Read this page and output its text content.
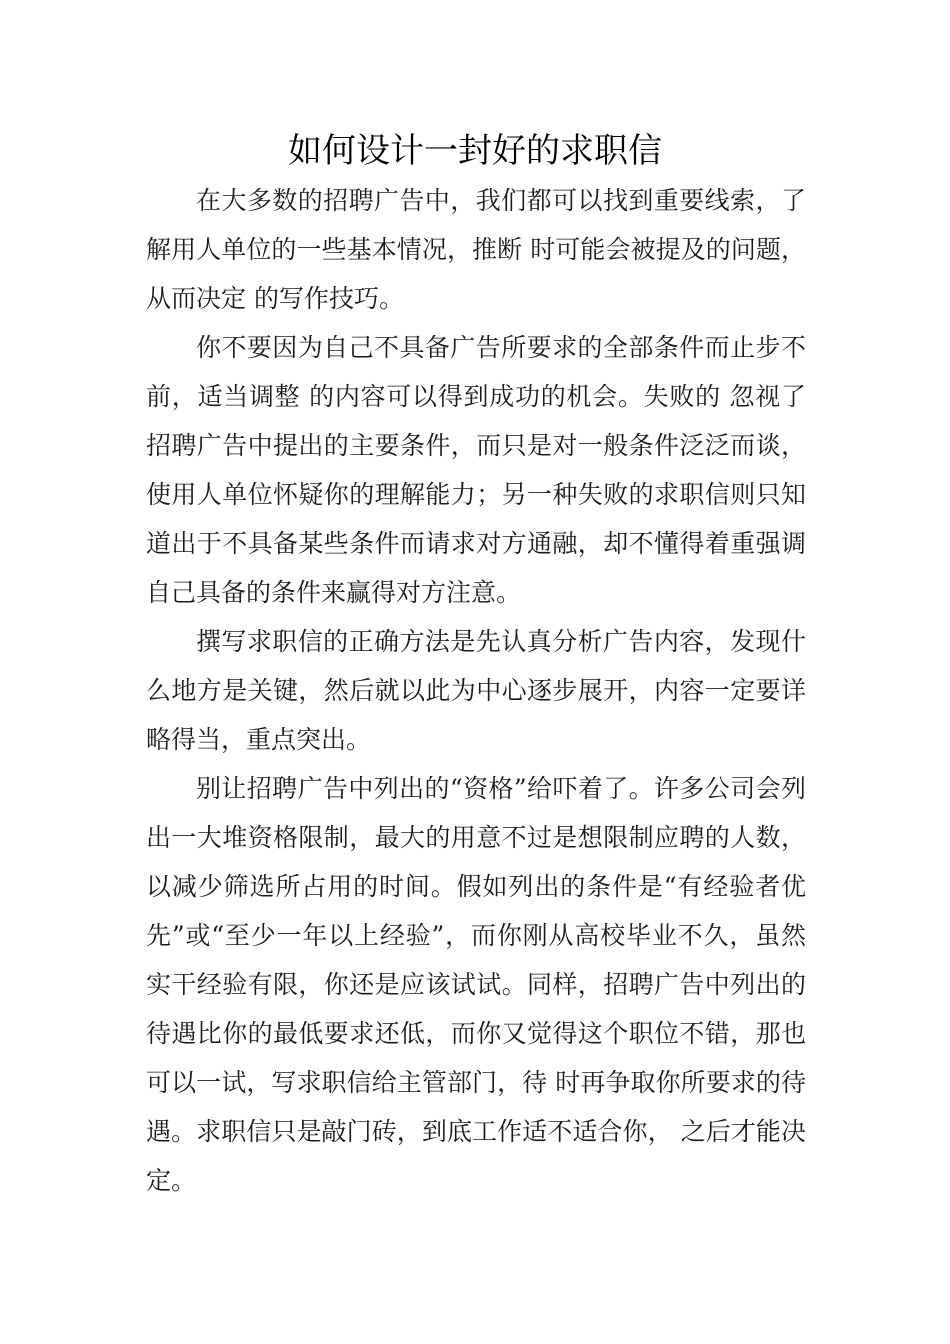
如何设计一封好的求职信

在大多数的招聘广告中，我们都可以找到重要线索，了解用人单位的一些基本情况，推断 时可能会被提及的问题，从而决定 的写作技巧。

你不要因为自己不具备广告所要求的全部条件而止步不前，适当调整 的内容可以得到成功的机会。失败的 忽视了招聘广告中提出的主要条件，而只是对一般条件泛泛而谈，使用人单位怀疑你的理解能力；另一种失败的求职信则只知道出于不具备某些条件而请求对方通融，却不懂得着重强调自己具备的条件来赢得对方注意。

撰写求职信的正确方法是先认真分析广告内容，发现什么地方是关键，然后就以此为中心逐步展开，内容一定要详略得当，重点突出。

别让招聘广告中列出的“资格”给吓着了。许多公司会列出一大堆资格限制，最大的用意不过是想限制应聘的人数，以减少筛选所占用的时间。假如列出的条件是“有经验者优先”或“至少一年以上经验”，而你刚从高校毕业不久，虽然实干经验有限，你还是应该试试。同样，招聘广告中列出的待遇比你的最低要求还低，而你又觉得这个职位不错，那也可以一试，写求职信给主管部门，待 时再争取你所要求的待遇。求职信只是敲门砖，到底工作适不适合你， 之后才能决定。
